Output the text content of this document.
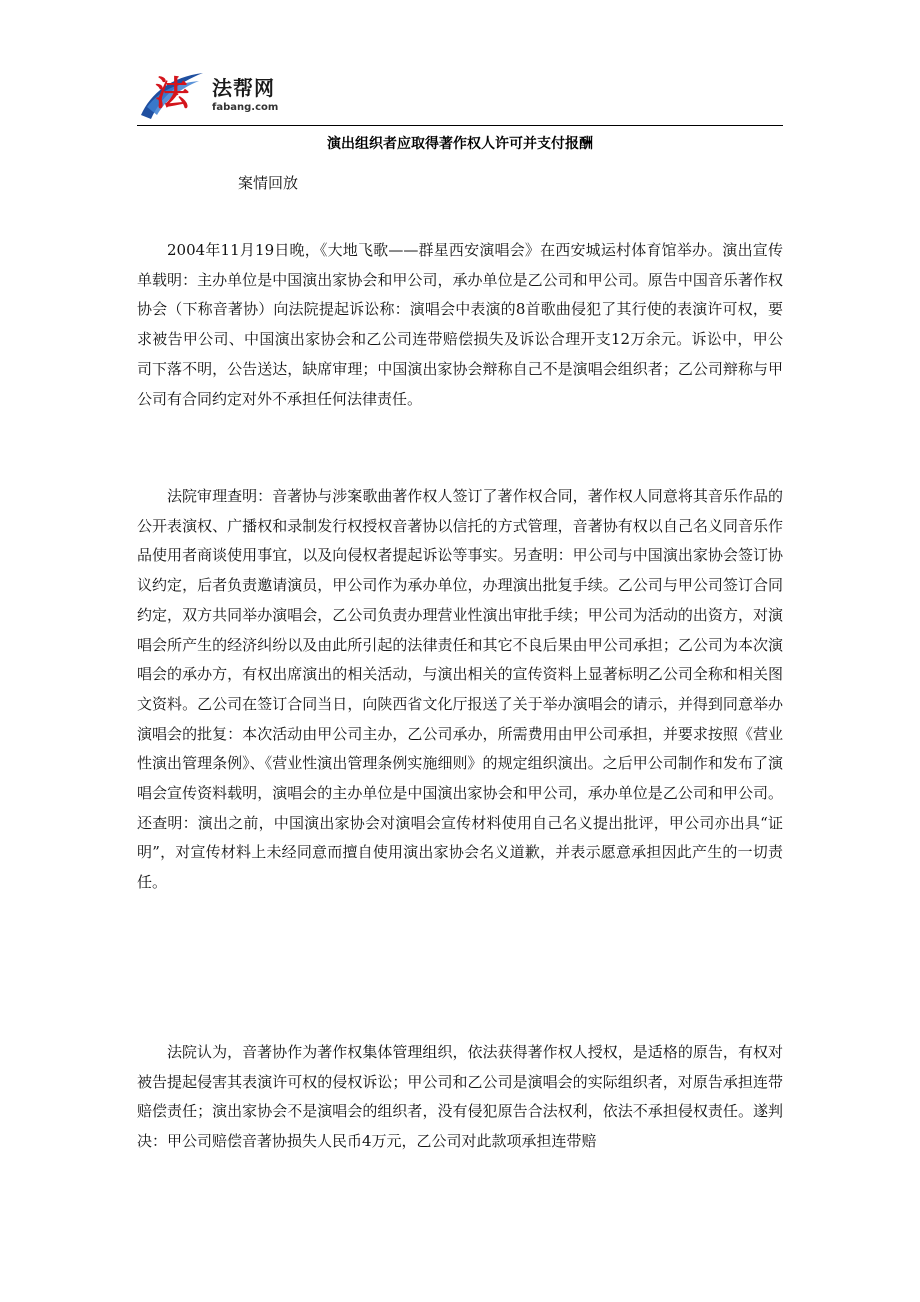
法 法帮网
fabang.com
演出组织者应取得著作权人许可并支付报酬
案情回放

2004年11月19日晚，《大地飞歌——群星西安演唱会》在西安城运村体育馆举办。演出宣传单载明：主办单位是中国演出家协会和甲公司，承办单位是乙公司和甲公司。原告中国音乐著作权协会（下称音著协）向法院提起诉讼称：演唱会中表演的8首歌曲侵犯了其行使的表演许可权，要求被告甲公司、中国演出家协会和乙公司连带赔偿损失及诉讼合理开支12万余元。诉讼中，甲公司下落不明，公告送达，缺席审理；中国演出家协会辩称自己不是演唱会组织者；乙公司辩称与甲公司有合同约定对外不承担任何法律责任。

法院审理查明：音著协与涉案歌曲著作权人签订了著作权合同，著作权人同意将其音乐作品的公开表演权、广播权和录制发行权授权音著协以信托的方式管理，音著协有权以自己名义同音乐作品使用者商谈使用事宜，以及向侵权者提起诉讼等事实。另查明：甲公司与中国演出家协会签订协议约定，后者负责邀请演员，甲公司作为承办单位，办理演出批复手续。乙公司与甲公司签订合同约定，双方共同举办演唱会，乙公司负责办理营业性演出审批手续；甲公司为活动的出资方，对演唱会所产生的经济纠纷以及由此所引起的法律责任和其它不良后果由甲公司承担；乙公司为本次演唱会的承办方，有权出席演出的相关活动，与演出相关的宣传资料上显著标明乙公司全称和相关图文资料。乙公司在签订合同当日，向陕西省文化厅报送了关于举办演唱会的请示，并得到同意举办演唱会的批复：本次活动由甲公司主办，乙公司承办，所需费用由甲公司承担，并要求按照《营业性演出管理条例》、《营业性演出管理条例实施细则》的规定组织演出。之后甲公司制作和发布了演唱会宣传资料载明，演唱会的主办单位是中国演出家协会和甲公司，承办单位是乙公司和甲公司。还查明：演出之前，中国演出家协会对演唱会宣传材料使用自己名义提出批评，甲公司亦出具“证明”，对宣传材料上未经同意而擅自使用演出家协会名义道歉，并表示愿意承担因此产生的一切责任。

法院认为，音著协作为著作权集体管理组织，依法获得著作权人授权，是适格的原告，有权对被告提起侵害其表演许可权的侵权诉讼；甲公司和乙公司是演唱会的实际组织者，对原告承担连带赔偿责任；演出家协会不是演唱会的组织者，没有侵犯原告合法权利，依法不承担侵权责任。遂判决：甲公司赔偿音著协损失人民币4万元，乙公司对此款项承担连带赔
